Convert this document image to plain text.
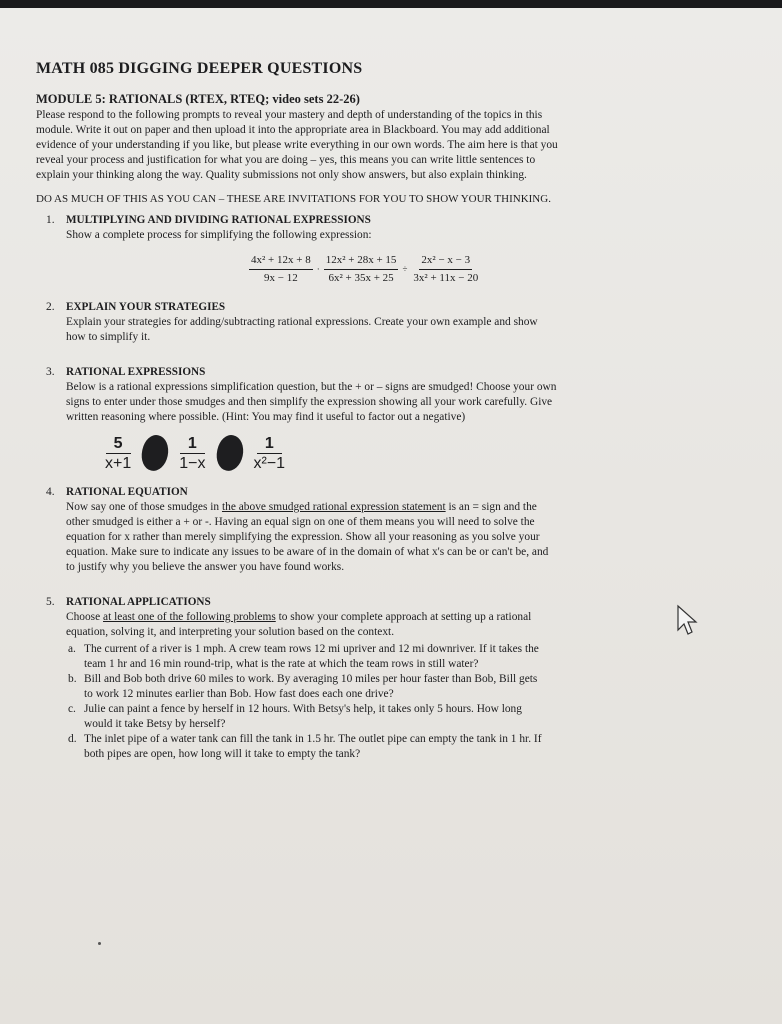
MATH 085 DIGGING DEEPER QUESTIONS
MODULE 5: RATIONALS (RTEX, RTEQ; video sets 22-26)
Please respond to the following prompts to reveal your mastery and depth of understanding of the topics in this
module. Write it out on paper and then upload it into the appropriate area in Blackboard. You may add additional
evidence of your understanding if you like, but please write everything in our own words. The aim here is that you
reveal your process and justification for what you are doing – yes, this means you can write little sentences to
explain your thinking along the way. Quality submissions not only show answers, but also explain thinking.
DO AS MUCH OF THIS AS YOU CAN – THESE ARE INVITATIONS FOR YOU TO SHOW YOUR THINKING.
1. MULTIPLYING AND DIVIDING RATIONAL EXPRESSIONS
Show a complete process for simplifying the following expression:
$\frac{\text{4x² + 12x + 8}}{9x - 12} \cdot \frac{\text{12x² + 28x + 15}}{\text{6x² + 35x + 25}} \div \frac{\text{2x² − x − 3}}{\text{3x² + 11x − 20}}$
2. EXPLAIN YOUR STRATEGIES
Explain your strategies for adding/subtracting rational expressions. Create your own example and show
how to simplify it.
3. RATIONAL EXPRESSIONS
Below is a rational expressions simplification question, but the + or – signs are smudged! Choose your own
signs to enter under those smudges and then simplify the expression showing all your work carefully. Give
written reasoning where possible. (Hint: You may find it useful to factor out a negative)
$\frac{5}{x+1} \frac{1}{1-x} \frac{1}{\text{x²−1}}$
4. RATIONAL EQUATION
Now say one of those smudges in the above smudged rational expression statement is an = sign and the
other smudged is either a + or -. Having an equal sign on one of them means you will need to solve the
equation for x rather than merely simplifying the expression. Show all your reasoning as you solve your
equation. Make sure to indicate any issues to be aware of in the domain of what x's can be or can't be, and
to justify why you believe the answer you have found works.
5. RATIONAL APPLICATIONS
Choose at least one of the following problems to show your complete approach at setting up a rational
equation, solving it, and interpreting your solution based on the context.
a. The current of a river is 1 mph. A crew team rows 12 mi upriver and 12 mi downriver. If it takes the
team 1 hr and 16 min round-trip, what is the rate at which the team rows in still water?
b. Bill and Bob both drive 60 miles to work. By averaging 10 miles per hour faster than Bob, Bill gets
to work 12 minutes earlier than Bob. How fast does each one drive?
c. Julie can paint a fence by herself in 12 hours. With Betsy's help, it takes only 5 hours. How long
would it take Betsy by herself?
d. The inlet pipe of a water tank can fill the tank in 1.5 hr. The outlet pipe can empty the tank in 1 hr. If
both pipes are open, how long will it take to empty the tank?
